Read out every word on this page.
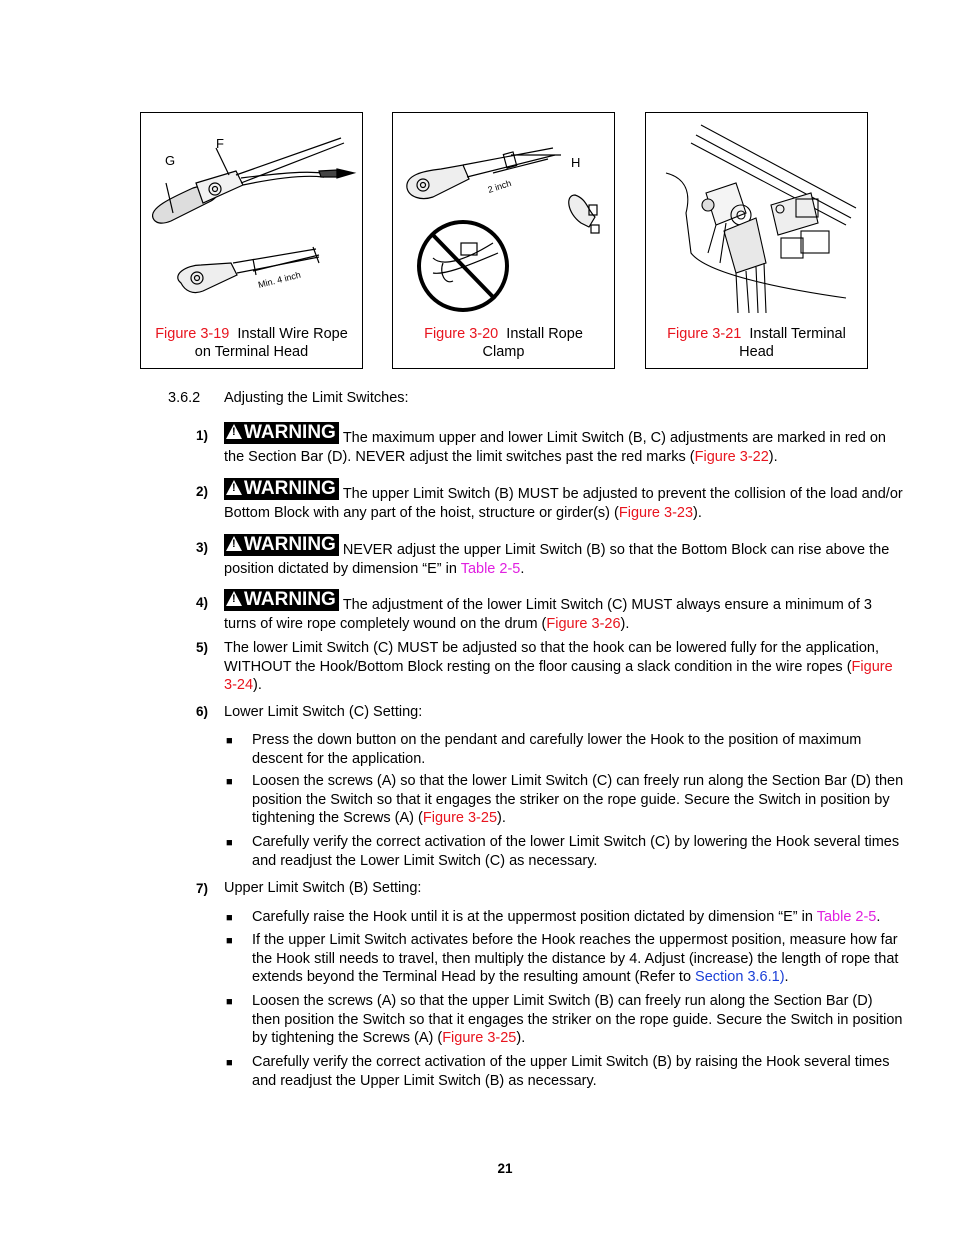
G
F
Min. 4 inch
Figure 3-19  Install Wire Rope
on Terminal Head
H
2 inch
Figure 3-20  Install Rope
Clamp
Figure 3-21  Install Terminal
Head
3.6.2 Adjusting the Limit Switches:
1) ! WARNING The maximum upper and lower Limit Switch (B, C) adjustments are marked in red on the Section Bar (D). NEVER adjust the limit switches past the red marks (Figure 3-22).
2) ! WARNING The upper Limit Switch (B) MUST be adjusted to prevent the collision of the load and/or Bottom Block with any part of the hoist, structure or girder(s) (Figure 3-23).
3) ! WARNING NEVER adjust the upper Limit Switch (B) so that the Bottom Block can rise above the position dictated by dimension “E” in Table 2-5.
4) ! WARNING The adjustment of the lower Limit Switch (C) MUST always ensure a minimum of 3 turns of wire rope completely wound on the drum (Figure 3-26).
5) The lower Limit Switch (C) MUST be adjusted so that the hook can be lowered fully for the application, WITHOUT the Hook/Bottom Block resting on the floor causing a slack condition in the wire ropes (Figure 3-24).
6) Lower Limit Switch (C) Setting:
■ Press the down button on the pendant and carefully lower the Hook to the position of maximum descent for the application.
■ Loosen the screws (A) so that the lower Limit Switch (C) can freely run along the Section Bar (D) then position the Switch so that it engages the striker on the rope guide. Secure the Switch in position by tightening the Screws (A) (Figure 3-25).
■ Carefully verify the correct activation of the lower Limit Switch (C) by lowering the Hook several times and readjust the Lower Limit Switch (C) as necessary.
7) Upper Limit Switch (B) Setting:
■ Carefully raise the Hook until it is at the uppermost position dictated by dimension “E” in Table 2-5.
■ If the upper Limit Switch activates before the Hook reaches the uppermost position, measure how far the Hook still needs to travel, then multiply the distance by 4. Adjust (increase) the length of rope that extends beyond the Terminal Head by the resulting amount (Refer to Section 3.6.1).
■ Loosen the screws (A) so that the upper Limit Switch (B) can freely run along the Section Bar (D) then position the Switch so that it engages the striker on the rope guide. Secure the Switch in position by tightening the Screws (A) (Figure 3-25).
■ Carefully verify the correct activation of the upper Limit Switch (B) by raising the Hook several times and readjust the Upper Limit Switch (B) as necessary.
21
